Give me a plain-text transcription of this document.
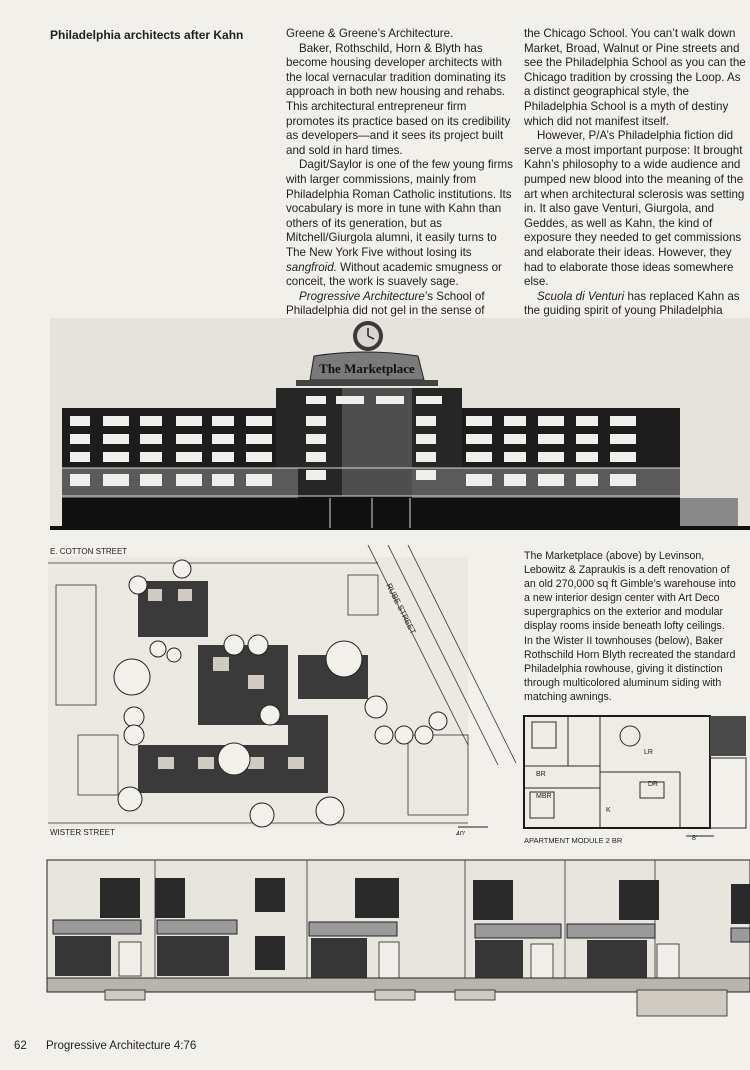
Philadelphia architects after Kahn	Greene & Greene’s Architecture.

Baker, Rothschild, Horn & Blyth has become housing developer architects with the local vernacular tradition dominating its approach in both new housing and rehabs. This architectural entrepreneur firm promotes its practice based on its credibility as developers—and it sees its project built and sold in hard times.

Dagit/Saylor is one of the few young firms with larger commissions, mainly from Philadelphia Roman Catholic institutions. Its vocabulary is more in tune with Kahn than others of its generation, but as Mitchell/Giurgola alumni, it easily turns to The New York Five without losing its sangfroid. Without academic smugness or conceit, the work is suavely sage.

Progressive Architecture’s School of Philadelphia did not gel in the sense of

the Chicago School. You can’t walk down Market, Broad, Walnut or Pine streets and see the Philadelphia School as you can the Chicago tradition by crossing the Loop. As a distinct geographical style, the Philadelphia School is a myth of destiny which did not manifest itself.

However, P/A’s Philadelphia fiction did serve a most important purpose: It brought Kahn’s philosophy to a wide audience and pumped new blood into the meaning of the art when architectural sclerosis was setting in. It also gave Venturi, Giurgola, and Geddes, as well as Kahn, the kind of exposure they needed to get commissions and elaborate their ideas. However, they had to elaborate those ideas somewhere else.

Scuola di Venturi has replaced Kahn as the guiding spirit of young Philadelphia

The Marketplace
E. COTTON STREET
RUBE STREET
WISTER STREET	40'
The Marketplace (above) by Levinson, Lebowitz & Zapraukis is a deft renovation of an old 270,000 sq ft Gimble’s warehouse into a new interior design center with Art Deco supergraphics on the exterior and modular display rooms inside beneath lofty ceilings. In the Wister II townhouses (below), Baker Rothschild Horn Blyth recreated the standard Philadelphia rowhouse, giving it distinction through multicolored aluminum siding with matching awnings.
BR
LR
DR
MBR
K
APARTMENT MODULE 2 BR	8'
62 Progressive Architecture 4:76
